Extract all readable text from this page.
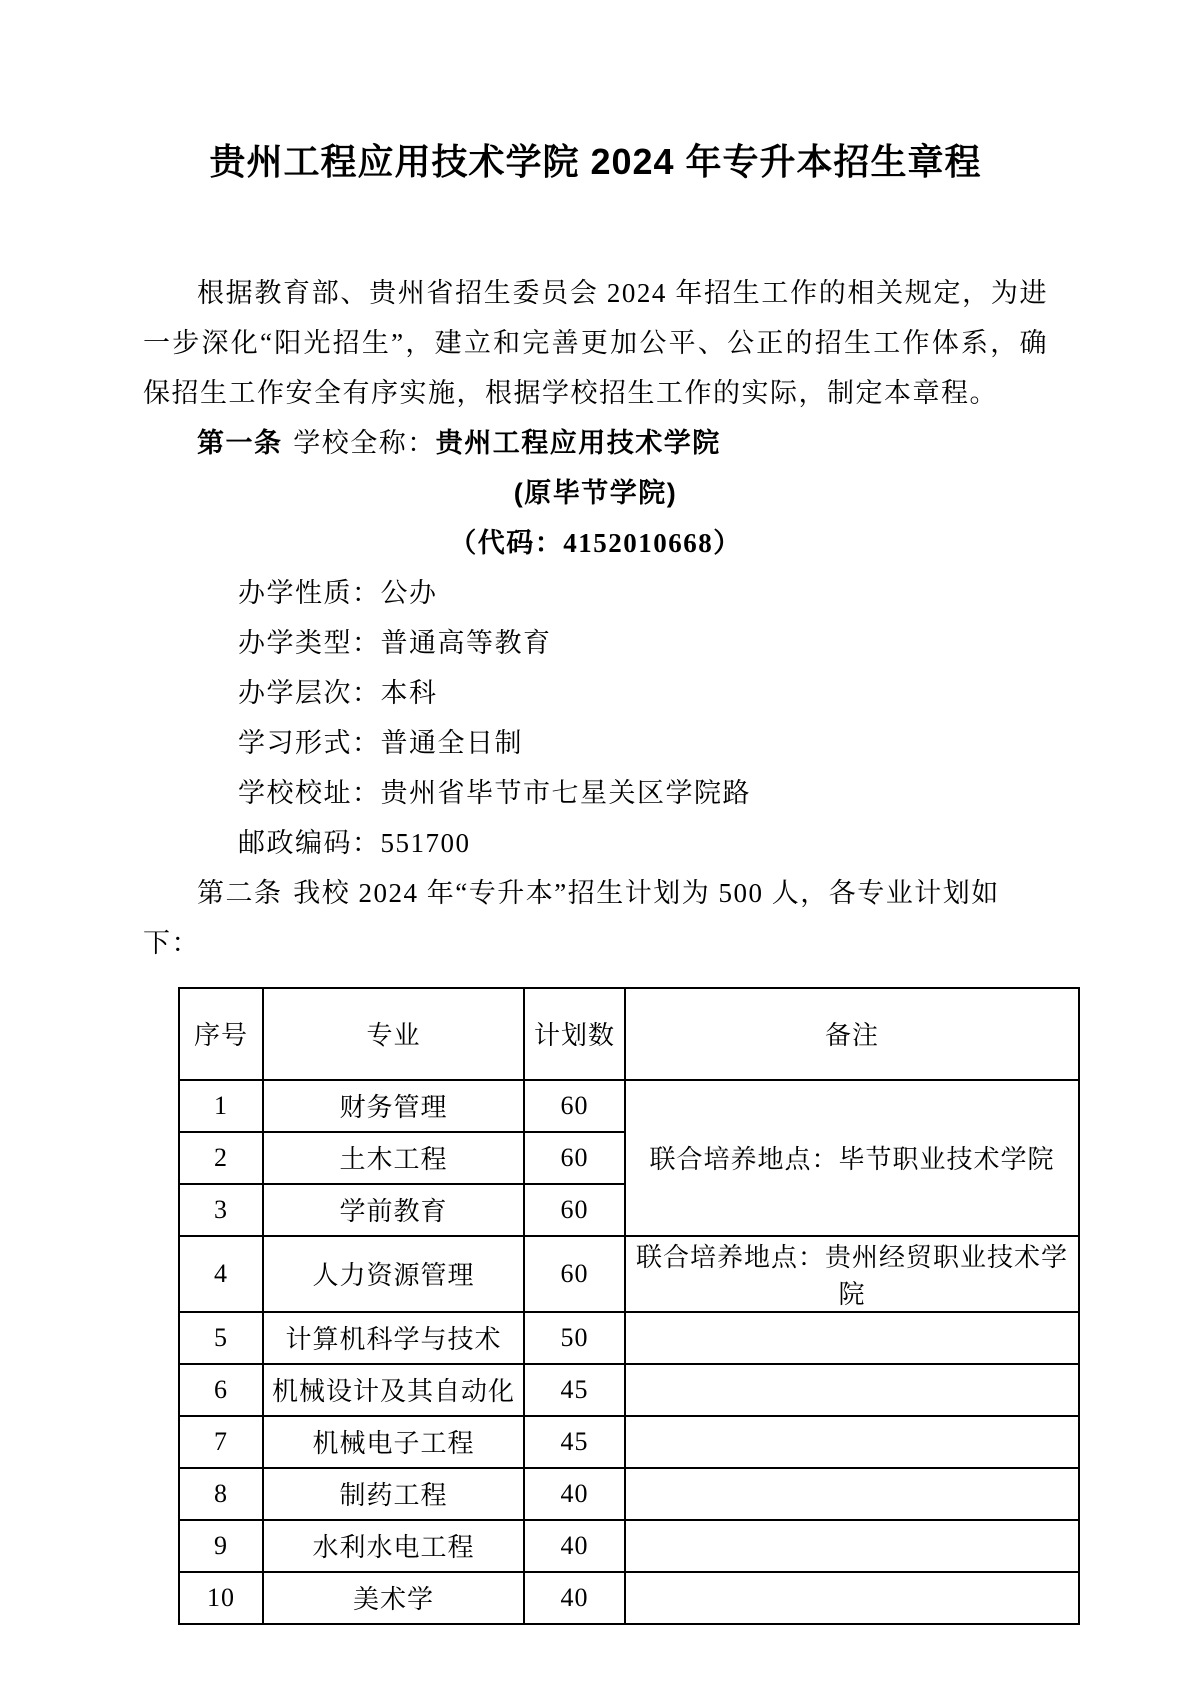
贵州工程应用技术学院 2024 年专升本招生章程

根据教育部、贵州省招生委员会 2024 年招生工作的相关规定，为进一步深化“阳光招生”，建立和完善更加公平、公正的招生工作体系，确保招生工作安全有序实施，根据学校招生工作的实际，制定本章程。

第一条 学校全称：贵州工程应用技术学院

(原毕节学院)

（代码：4152010668）

办学性质：公办

办学类型：普通高等教育

办学层次：本科

学习形式：普通全日制

学校校址：贵州省毕节市七星关区学院路

邮政编码：551700

第二条 我校 2024 年“专升本”招生计划为 500 人，各专业计划如下：

序号	专业	计划数	备注
1	财务管理	60	联合培养地点：毕节职业技术学院
2	土木工程	60	
3	学前教育	60	
4	人力资源管理	60	联合培养地点：贵州经贸职业技术学院
5	计算机科学与技术	50	
6	机械设计及其自动化	45	
7	机械电子工程	45	
8	制药工程	40	
9	水利水电工程	40	
10	美术学	40	
